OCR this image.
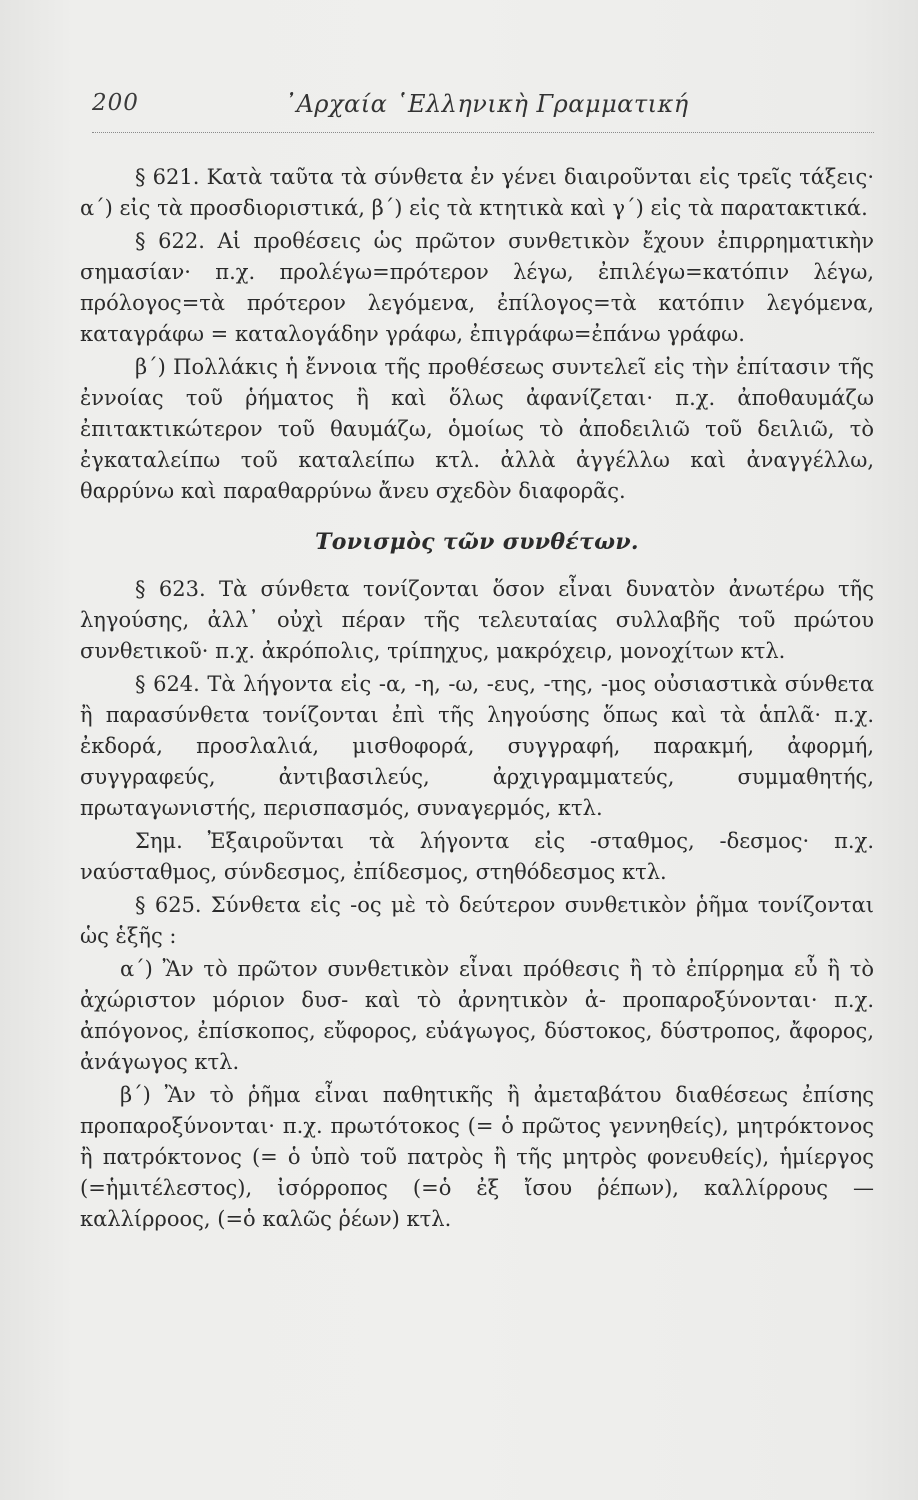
200	᾿Αρχαία ῾Ελληνικὴ Γραμματική

§ 621. Κατὰ ταῦτα τὰ σύνθετα ἐν γένει διαιροῦνται εἰς τρεῖς τάξεις· α΄) εἰς τὰ προσδιοριστικά, β΄) εἰς τὰ κτητικὰ καὶ γ΄) εἰς τὰ παρατακτικά.

§ 622. Αἱ προθέσεις ὡς πρῶτον συνθετικὸν ἔχουν ἐπιρρηματικὴν σημασίαν· π.χ. προλέγω=πρότερον λέγω, ἐπιλέγω=κατόπιν λέγω, πρόλογος=τὰ πρότερον λεγόμενα, ἐπίλογος=τὰ κατόπιν λεγόμενα, καταγράφω = καταλογάδην γράφω, ἐπιγράφω=ἐπάνω γράφω.

β΄) Πολλάκις ἡ ἔννοια τῆς προθέσεως συντελεῖ εἰς τὴν ἐπίτασιν τῆς ἐννοίας τοῦ ῥήματος ἢ καὶ ὅλως ἀφανίζεται· π.χ. ἀποθαυμάζω ἐπιτακτικώτερον τοῦ θαυμάζω, ὁμοίως τὸ ἀποδειλιῶ τοῦ δειλιῶ, τὸ ἐγκαταλείπω τοῦ καταλείπω κτλ. ἀλλὰ ἀγγέλλω καὶ ἀναγγέλλω, θαρρύνω καὶ παραθαρρύνω ἄνευ σχεδὸν διαφορᾶς.

Τονισμὸς τῶν συνθέτων.

§ 623. Τὰ σύνθετα τονίζονται ὅσον εἶναι δυνατὸν ἀνωτέρω τῆς ληγούσης, ἀλλ᾿ οὐχὶ πέραν τῆς τελευταίας συλλαβῆς τοῦ πρώτου συνθετικοῦ· π.χ. ἀκρόπολις, τρίπηχυς, μακρόχειρ, μονοχίτων κτλ.

§ 624. Τὰ λήγοντα εἰς -α, -η, -ω, -ευς, -της, -μος οὐσιαστικὰ σύνθετα ἢ παρασύνθετα τονίζονται ἐπὶ τῆς ληγούσης ὅπως καὶ τὰ ἁπλᾶ· π.χ. ἐκδορά, προσλαλιά, μισθοφορά, συγγραφή, παρακμή, ἀφορμή, συγγραφεύς, ἀντιβασιλεύς, ἀρχιγραμματεύς, συμμαθητής, πρωταγωνιστής, περισπασμός, συναγερμός, κτλ.

Σημ. Ἐξαιροῦνται τὰ λήγοντα εἰς -σταθμος, -δεσμος· π.χ. ναύσταθμος, σύνδεσμος, ἐπίδεσμος, στηθόδεσμος κτλ.

§ 625. Σύνθετα εἰς -ος μὲ τὸ δεύτερον συνθετικὸν ῥῆμα τονίζονται ὡς ἑξῆς :

α΄) Ἂν τὸ πρῶτον συνθετικὸν εἶναι πρόθεσις ἢ τὸ ἐπίρρημα εὖ ἢ τὸ ἀχώριστον μόριον δυσ- καὶ τὸ ἀρνητικὸν ἀ- προπαροξύνονται· π.χ. ἀπόγονος, ἐπίσκοπος, εὔφορος, εὐάγωγος, δύστοκος, δύστροπος, ἄφορος, ἀνάγωγος κτλ.

β΄) Ἂν τὸ ῥῆμα εἶναι παθητικῆς ἢ ἀμεταβάτου διαθέσεως ἐπίσης προπαροξύνονται· π.χ. πρωτότοκος (= ὁ πρῶτος γεννηθείς), μητρόκτονος ἢ πατρόκτονος (= ὁ ὑπὸ τοῦ πατρὸς ἢ τῆς μητρὸς φονευθείς), ἡμίεργος (=ἡμιτέλεστος), ἰσόρροπος (=ὁ ἐξ ἴσου ῥέπων), καλλίρρους — καλλίρροος, (=ὁ καλῶς ῥέων) κτλ.
